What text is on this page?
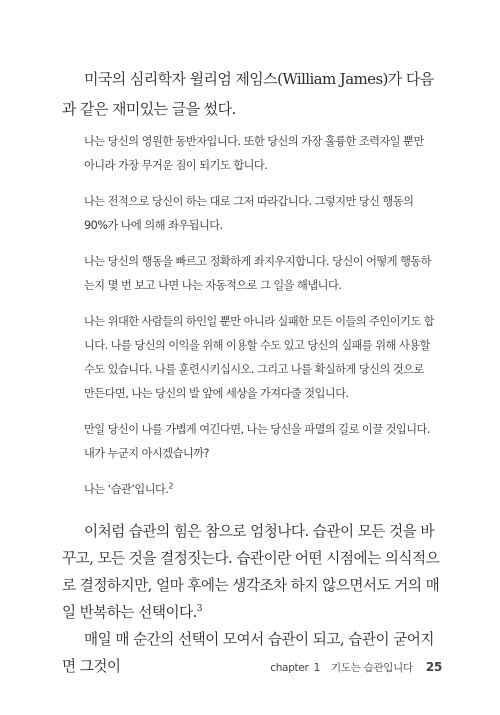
미국의 심리학자 윌리엄 제임스(William James)가 다음과 같은 재미있는 글을 썼다.

나는 당신의 영원한 동반자입니다. 또한 당신의 가장 훌륭한 조력자일 뿐만 아니라 가장 무거운 짐이 되기도 합니다.

나는 전적으로 당신이 하는 대로 그저 따라갑니다. 그렇지만 당신 행동의 90%가 나에 의해 좌우됩니다.

나는 당신의 행동을 빠르고 정확하게 좌지우지합니다. 당신이 어떻게 행동하는지 몇 번 보고 나면 나는 자동적으로 그 일을 해냅니다.

나는 위대한 사람들의 하인일 뿐만 아니라 실패한 모든 이들의 주인이기도 합니다. 나를 당신의 이익을 위해 이용할 수도 있고 당신의 실패를 위해 사용할 수도 있습니다. 나를 훈련시키십시오. 그리고 나를 확실하게 당신의 것으로 만든다면, 나는 당신의 발 앞에 세상을 가져다줄 것입니다.

만일 당신이 나를 가볍게 여긴다면, 나는 당신을 파멸의 길로 이끌 것입니다. 내가 누군지 아시겠습니까?

나는 ‘습관’입니다.$^2$

이처럼 습관의 힘은 참으로 엄청나다. 습관이 모든 것을 바꾸고, 모든 것을 결정짓는다. 습관이란 어떤 시점에는 의식적으로 결정하지만, 얼마 후에는 생각조차 하지 않으면서도 거의 매일 반복하는 선택이다.$^3$

매일 매 순간의 선택이 모여서 습관이 되고, 습관이 굳어지면 그것이	chapter 1 기도는 습관입니다 25
